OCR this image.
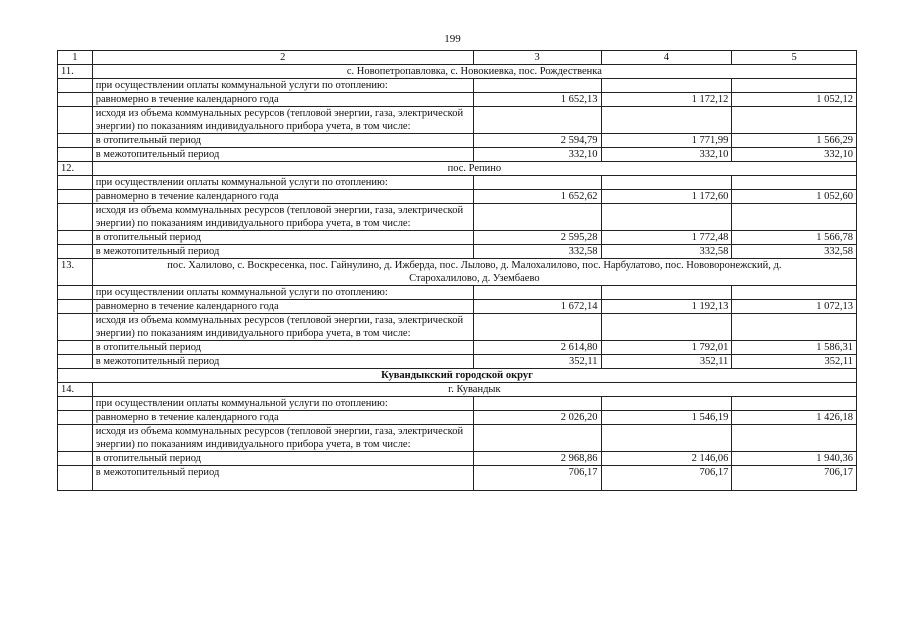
199
1	2	3	4	5
11.	с. Новопетропавловка, с. Новокиевка, пос. Рождественка			
	при осуществлении оплаты коммунальной услуги по отоплению:			
	равномерно в течение календарного года	1 652,13	1 172,12	1 052,12
	исходя из объема коммунальных ресурсов (тепловой энергии, газа, электрической энергии) по показаниям индивидуального прибора учета, в том числе:			
	в отопительный период	2 594,79	1 771,99	1 566,29
	в межотопительный период	332,10	332,10	332,10
12.	пос. Репино			
	при осуществлении оплаты коммунальной услуги по отоплению:			
	равномерно в течение календарного года	1 652,62	1 172,60	1 052,60
	исходя из объема коммунальных ресурсов (тепловой энергии, газа, электрической энергии) по показаниям индивидуального прибора учета, в том числе:			
	в отопительный период	2 595,28	1 772,48	1 566,78
	в межотопительный период	332,58	332,58	332,58
13.	пос. Халилово, с. Воскресенка, пос. Гайнулино, д. Ижберда, пос. Лылово, д. Малохалилово, пос. Нарбулатово, пос. Нововоронежский, д. Старохалилово, д. Узембаево			
	при осуществлении оплаты коммунальной услуги по отоплению:			
	равномерно в течение календарного года	1 672,14	1 192,13	1 072,13
	исходя из объема коммунальных ресурсов (тепловой энергии, газа, электрической энергии) по показаниям индивидуального прибора учета, в том числе:			
	в отопительный период	2 614,80	1 792,01	1 586,31
	в межотопительный период	352,11	352,11	352,11
Кувандыкский городской округ				
14.	г. Кувандык			
	при осуществлении оплаты коммунальной услуги по отоплению:			
	равномерно в течение календарного года	2 026,20	1 546,19	1 426,18
	исходя из объема коммунальных ресурсов (тепловой энергии, газа, электрической энергии) по показаниям индивидуального прибора учета, в том числе:			
	в отопительный период	2 968,86	2 146,06	1 940,36
	в межотопительный период	706,17	706,17	706,17
